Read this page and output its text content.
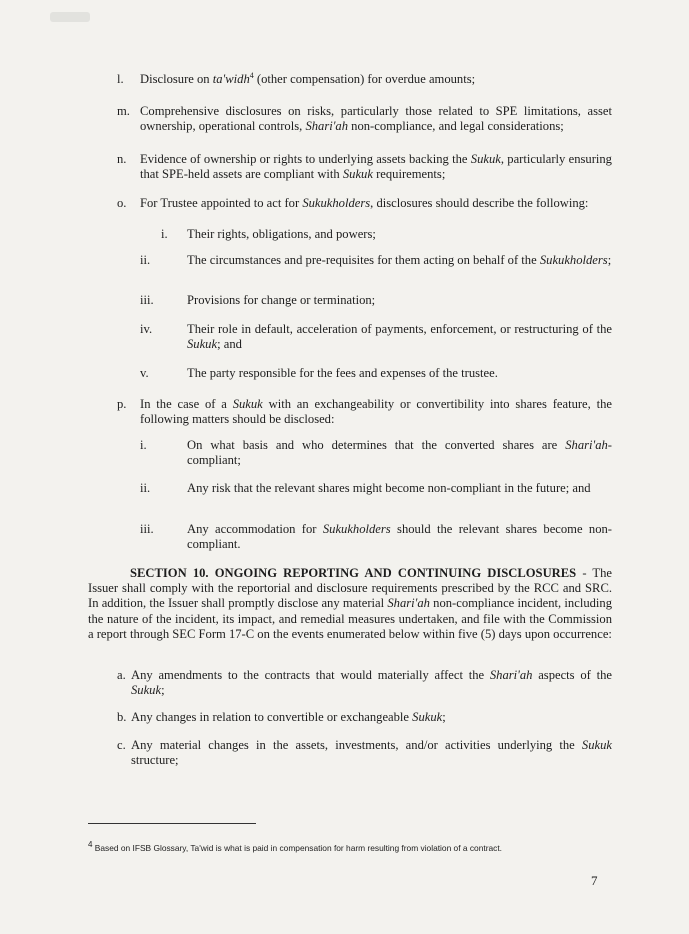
l.	Disclosure on ta'widh$^4$ (other compensation) for overdue amounts;
m. Comprehensive disclosures on risks, particularly those related to SPE limitations, asset ownership, operational controls, Shari'ah non-compliance, and legal considerations;
n.	Evidence of ownership or rights to underlying assets backing the Sukuk, particularly ensuring that SPE-held assets are compliant with Sukuk requirements;
o.	For Trustee appointed to act for Sukukholders, disclosures should describe the following:
i.	Their rights, obligations, and powers;
ii.	The circumstances and pre-requisites for them acting on behalf of the Sukukholders;
iii.	Provisions for change or termination;
iv.	Their role in default, acceleration of payments, enforcement, or restructuring of the Sukuk; and
v.	The party responsible for the fees and expenses of the trustee.
p.	In the case of a Sukuk with an exchangeability or convertibility into shares feature, the following matters should be disclosed:
i.	On what basis and who determines that the converted shares are Shari'ah-compliant;
ii.	Any risk that the relevant shares might become non-compliant in the future; and
iii.	Any accommodation for Sukukholders should the relevant shares become non-compliant.
SECTION 10. ONGOING REPORTING AND CONTINUING DISCLOSURES - The Issuer shall comply with the reportorial and disclosure requirements prescribed by the RCC and SRC. In addition, the Issuer shall promptly disclose any material Shari'ah non-compliance incident, including the nature of the incident, its impact, and remedial measures undertaken, and file with the Commission a report through SEC Form 17-C on the events enumerated below within five (5) days upon occurrence:
a. Any amendments to the contracts that would materially affect the Shari'ah aspects of the Sukuk;
b. Any changes in relation to convertible or exchangeable Sukuk;
c. Any material changes in the assets, investments, and/or activities underlying the Sukuk structure;
$^4$ Based on IFSB Glossary, Ta'wid is what is paid in compensation for harm resulting from violation of a contract.
7
